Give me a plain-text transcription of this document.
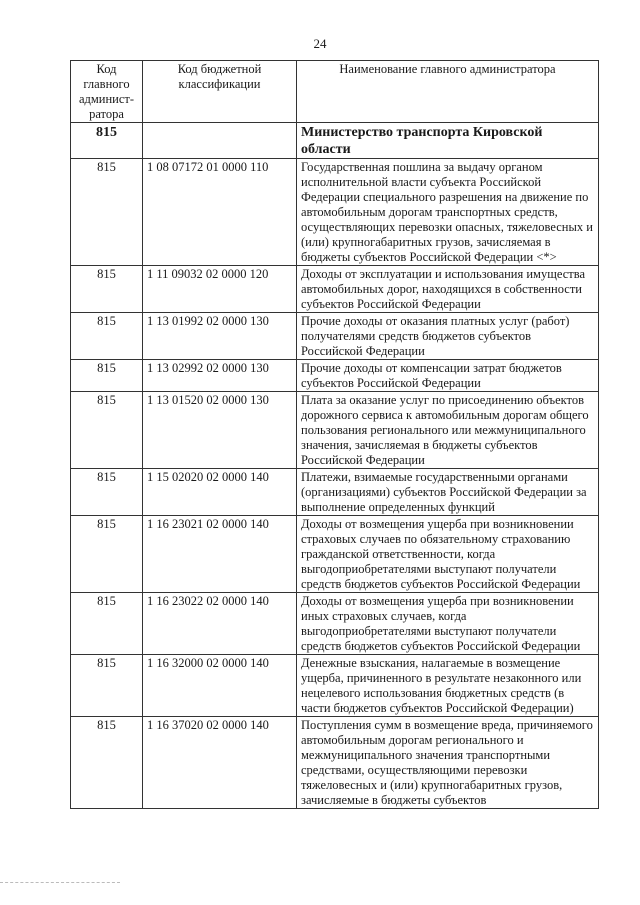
24
Код главного админист-ратора	Код бюджетной классификации	Наименование главного администратора
815		Министерство транспорта Кировской области
815	1 08 07172 01 0000 110	Государственная пошлина за выдачу органом исполнительной власти субъекта Российской Федерации специального разрешения на движение по автомобильным дорогам транспортных средств, осуществляющих перевозки опасных, тяжеловесных и (или) крупногабаритных грузов, зачисляемая в бюджеты субъектов Российской Федерации <*>
815	1 11 09032 02 0000 120	Доходы от эксплуатации и использования имущества автомобильных дорог, находящихся в собственности субъектов Российской Федерации
815	1 13 01992 02 0000 130	Прочие доходы от оказания платных услуг (работ) получателями средств бюджетов субъектов Российской Федерации
815	1 13 02992 02 0000 130	Прочие доходы от компенсации затрат бюджетов субъектов Российской Федерации
815	1 13 01520 02 0000 130	Плата за оказание услуг по присоединению объектов дорожного сервиса к автомобильным дорогам общего пользования регионального или межмуниципального значения, зачисляемая в бюджеты субъектов Российской Федерации
815	1 15 02020 02 0000 140	Платежи, взимаемые государственными органами (организациями) субъектов Российской Федерации за выполнение определенных функций
815	1 16 23021 02 0000 140	Доходы от возмещения ущерба при возникновении страховых случаев по обязательному страхованию гражданской ответственности, когда выгодоприобретателями выступают получатели средств бюджетов субъектов Российской Федерации
815	1 16 23022 02 0000 140	Доходы от возмещения ущерба при возникновении иных страховых случаев, когда выгодоприобретателями выступают получатели средств бюджетов субъектов Российской Федерации
815	1 16 32000 02 0000 140	Денежные взыскания, налагаемые в возмещение ущерба, причиненного в результате незаконного или нецелевого использования бюджетных средств (в части бюджетов субъектов Российской Федерации)
815	1 16 37020 02 0000 140	Поступления сумм в возмещение вреда, причиняемого автомобильным дорогам регионального и межмуниципального значения транспортными средствами, осуществляющими перевозки тяжеловесных и (или) крупногабаритных грузов, зачисляемые в бюджеты субъектов
